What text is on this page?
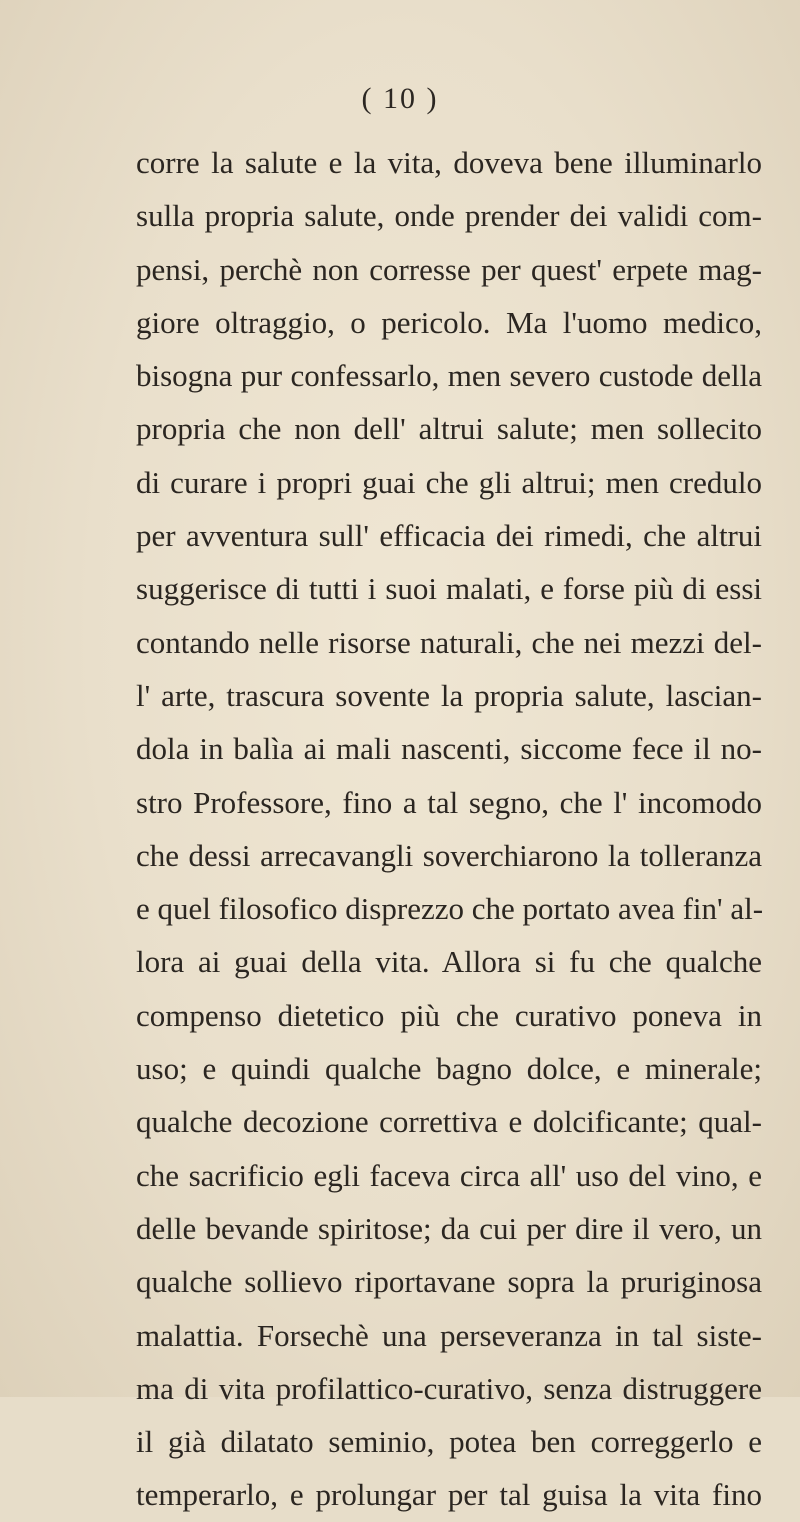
( 10 )
corre la salute e la vita, doveva bene illuminarlo
sulla propria salute, onde prender dei validi com-
pensi, perchè non corresse per quest' erpete mag-
giore oltraggio, o pericolo. Ma l'uomo medico,
bisogna pur confessarlo, men severo custode della
propria che non dell' altrui salute; men sollecito
di curare i propri guai che gli altrui; men credulo
per avventura sull' efficacia dei rimedi, che altrui
suggerisce di tutti i suoi malati, e forse più di essi
contando nelle risorse naturali, che nei mezzi del-
l' arte, trascura sovente la propria salute, lascian-
dola in balìa ai mali nascenti, siccome fece il no-
stro Professore, fino a tal segno, che l' incomodo
che dessi arrecavangli soverchiarono la tolleranza
e quel filosofico disprezzo che portato avea fin' al-
lora ai guai della vita. Allora si fu che qualche
compenso dietetico più che curativo poneva in
uso; e quindi qualche bagno dolce, e minerale;
qualche decozione correttiva e dolcificante; qual-
che sacrificio egli faceva circa all' uso del vino, e
delle bevande spiritose; da cui per dire il vero, un
qualche sollievo riportavane sopra la pruriginosa
malattia. Forsechè una perseveranza in tal siste-
ma di vita profilattico-curativo, senza distruggere
il già dilatato seminio, potea ben correggerlo e
temperarlo, e prolungar per tal guisa la vita fino
